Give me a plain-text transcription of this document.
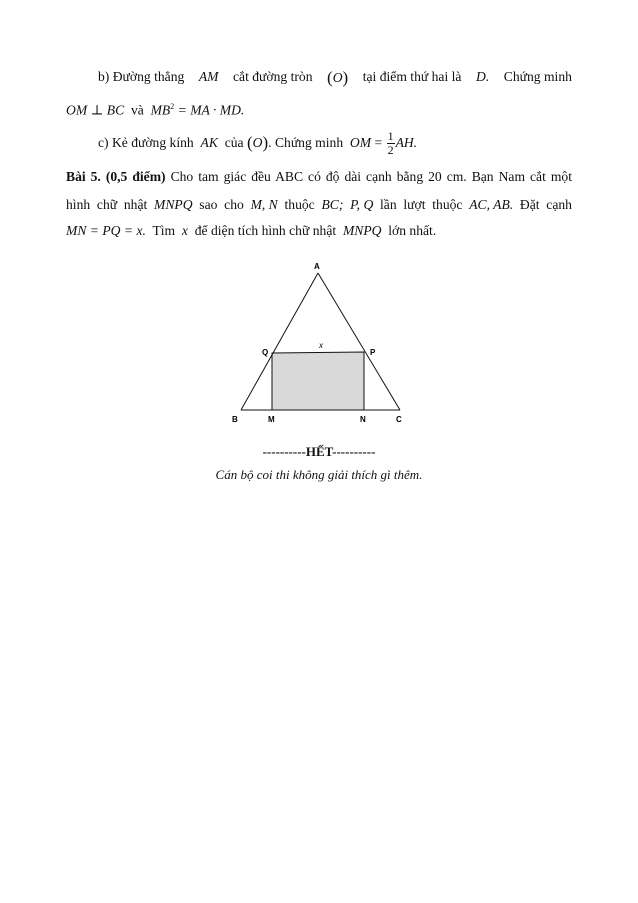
b) Đường thẳng AM cắt đường tròn (O) tại điểm thứ hai là D. Chứng minh
OM ⊥ BC và $MB^2$ = MA · MD.
c) Kẻ đường kính AK của (O). Chứng minh OM = $\frac{1}{2}$ AH.
Bài 5. (0,5 điểm) Cho tam giác đều ABC có độ dài cạnh bằng 20 cm. Bạn Nam cắt một
hình chữ nhật MNPQ sao cho M, N thuộc BC; P, Q lần lượt thuộc AC, AB. Đặt cạnh
MN = PQ = x. Tìm x để diện tích hình chữ nhật MNPQ lớn nhất.
A
B	C
M	N
P
Q
x
----------HẾT----------
Cán bộ coi thi không giải thích gì thêm.
